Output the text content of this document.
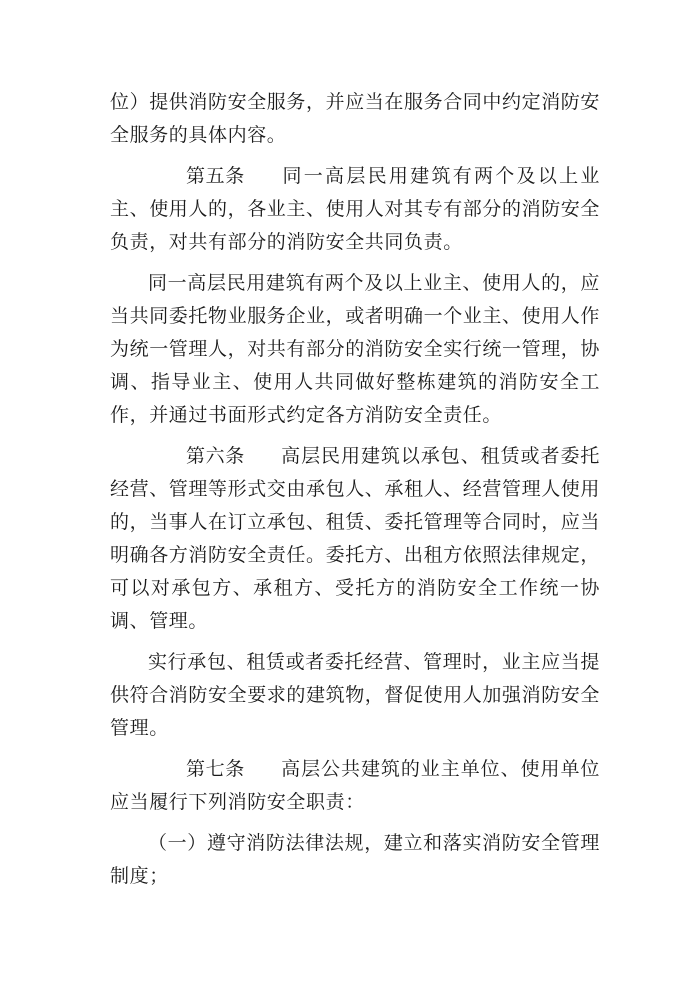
位）提供消防安全服务，并应当在服务合同中约定消防安全服务的具体内容。

第五条 同一高层民用建筑有两个及以上业主、使用人的，各业主、使用人对其专有部分的消防安全负责，对共有部分的消防安全共同负责。

同一高层民用建筑有两个及以上业主、使用人的，应当共同委托物业服务企业，或者明确一个业主、使用人作为统一管理人，对共有部分的消防安全实行统一管理，协调、指导业主、使用人共同做好整栋建筑的消防安全工作，并通过书面形式约定各方消防安全责任。

第六条 高层民用建筑以承包、租赁或者委托经营、管理等形式交由承包人、承租人、经营管理人使用的，当事人在订立承包、租赁、委托管理等合同时，应当明确各方消防安全责任。委托方、出租方依照法律规定，可以对承包方、承租方、受托方的消防安全工作统一协调、管理。

实行承包、租赁或者委托经营、管理时，业主应当提供符合消防安全要求的建筑物，督促使用人加强消防安全管理。

第七条 高层公共建筑的业主单位、使用单位应当履行下列消防安全职责：

（一）遵守消防法律法规，建立和落实消防安全管理制度；
